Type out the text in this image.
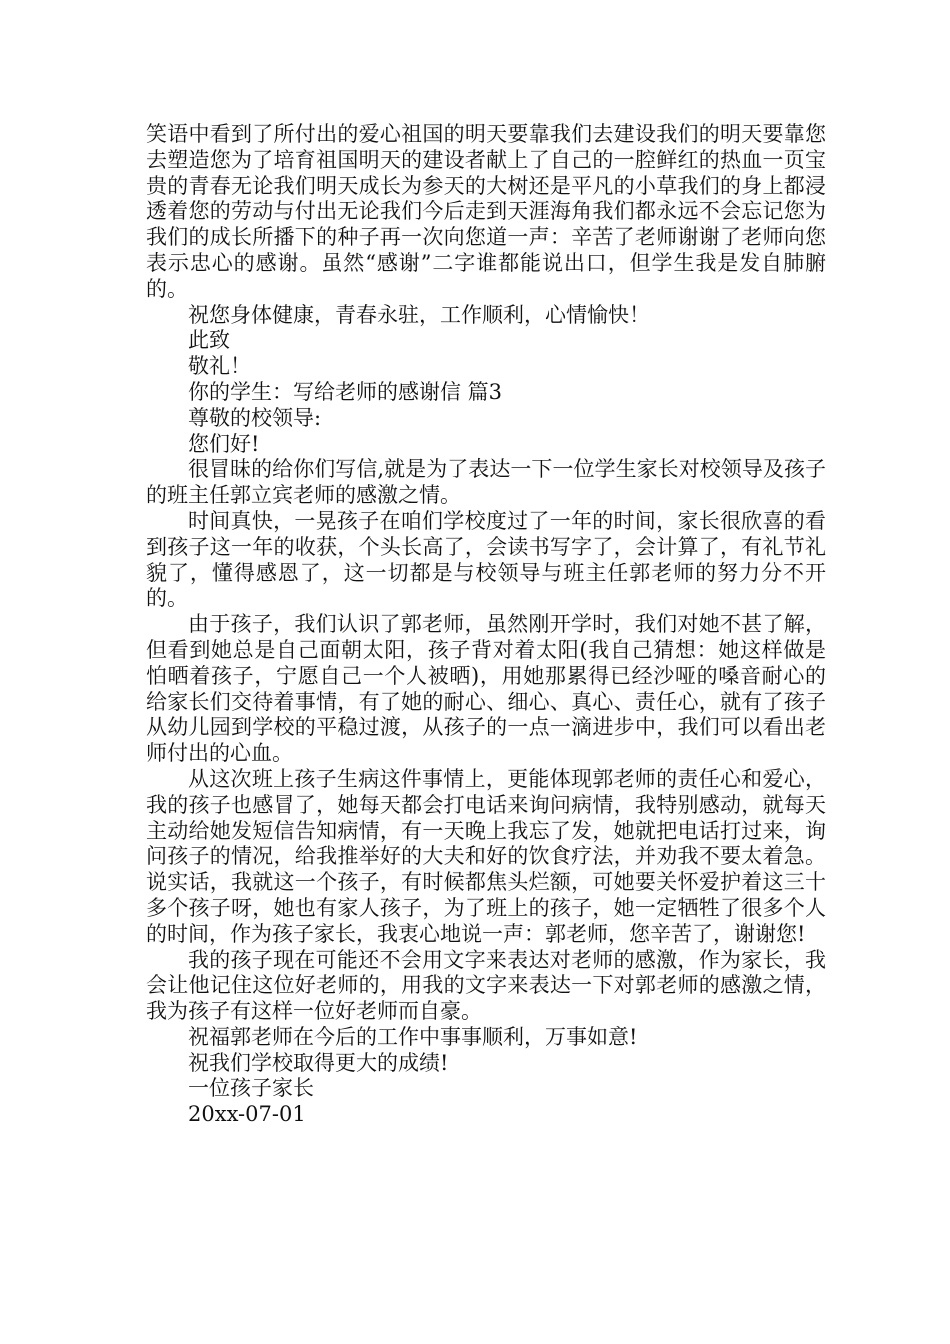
笑语中看到了所付出的爱心祖国的明天要靠我们去建设我们的明天要靠您去塑造您为了培育祖国明天的建设者献上了自己的一腔鲜红的热血一页宝贵的青春无论我们明天成长为参天的大树还是平凡的小草我们的身上都浸透着您的劳动与付出无论我们今后走到天涯海角我们都永远不会忘记您为我们的成长所播下的种子再一次向您道一声：辛苦了老师谢谢了老师向您表示忠心的感谢。虽然“感谢”二字谁都能说出口，但学生我是发自肺腑的。

祝您身体健康，青春永驻，工作顺利，心情愉快！

此致

敬礼！

你的学生：写给老师的感谢信 篇3

尊敬的校领导:

您们好!

很冒昧的给你们写信,就是为了表达一下一位学生家长对校领导及孩子的班主任郭立宾老师的感激之情。

时间真快，一晃孩子在咱们学校度过了一年的时间，家长很欣喜的看到孩子这一年的收获，个头长高了，会读书写字了，会计算了，有礼节礼貌了，懂得感恩了，这一切都是与校领导与班主任郭老师的努力分不开的。

由于孩子，我们认识了郭老师，虽然刚开学时，我们对她不甚了解，但看到她总是自己面朝太阳，孩子背对着太阳(我自己猜想：她这样做是怕晒着孩子，宁愿自己一个人被晒)，用她那累得已经沙哑的嗓音耐心的给家长们交待着事情，有了她的耐心、细心、真心、责任心，就有了孩子从幼儿园到学校的平稳过渡，从孩子的一点一滴进步中，我们可以看出老师付出的心血。

从这次班上孩子生病这件事情上，更能体现郭老师的责任心和爱心，我的孩子也感冒了，她每天都会打电话来询问病情，我特别感动，就每天主动给她发短信告知病情，有一天晚上我忘了发，她就把电话打过来，询问孩子的情况，给我推举好的大夫和好的饮食疗法，并劝我不要太着急。说实话，我就这一个孩子，有时候都焦头烂额，可她要关怀爱护着这三十多个孩子呀，她也有家人孩子，为了班上的孩子，她一定牺牲了很多个人的时间，作为孩子家长，我衷心地说一声：郭老师，您辛苦了，谢谢您!

我的孩子现在可能还不会用文字来表达对老师的感激，作为家长，我会让他记住这位好老师的，用我的文字来表达一下对郭老师的感激之情，我为孩子有这样一位好老师而自豪。

祝福郭老师在今后的工作中事事顺利，万事如意!

祝我们学校取得更大的成绩!

一位孩子家长

20xx-07-01
